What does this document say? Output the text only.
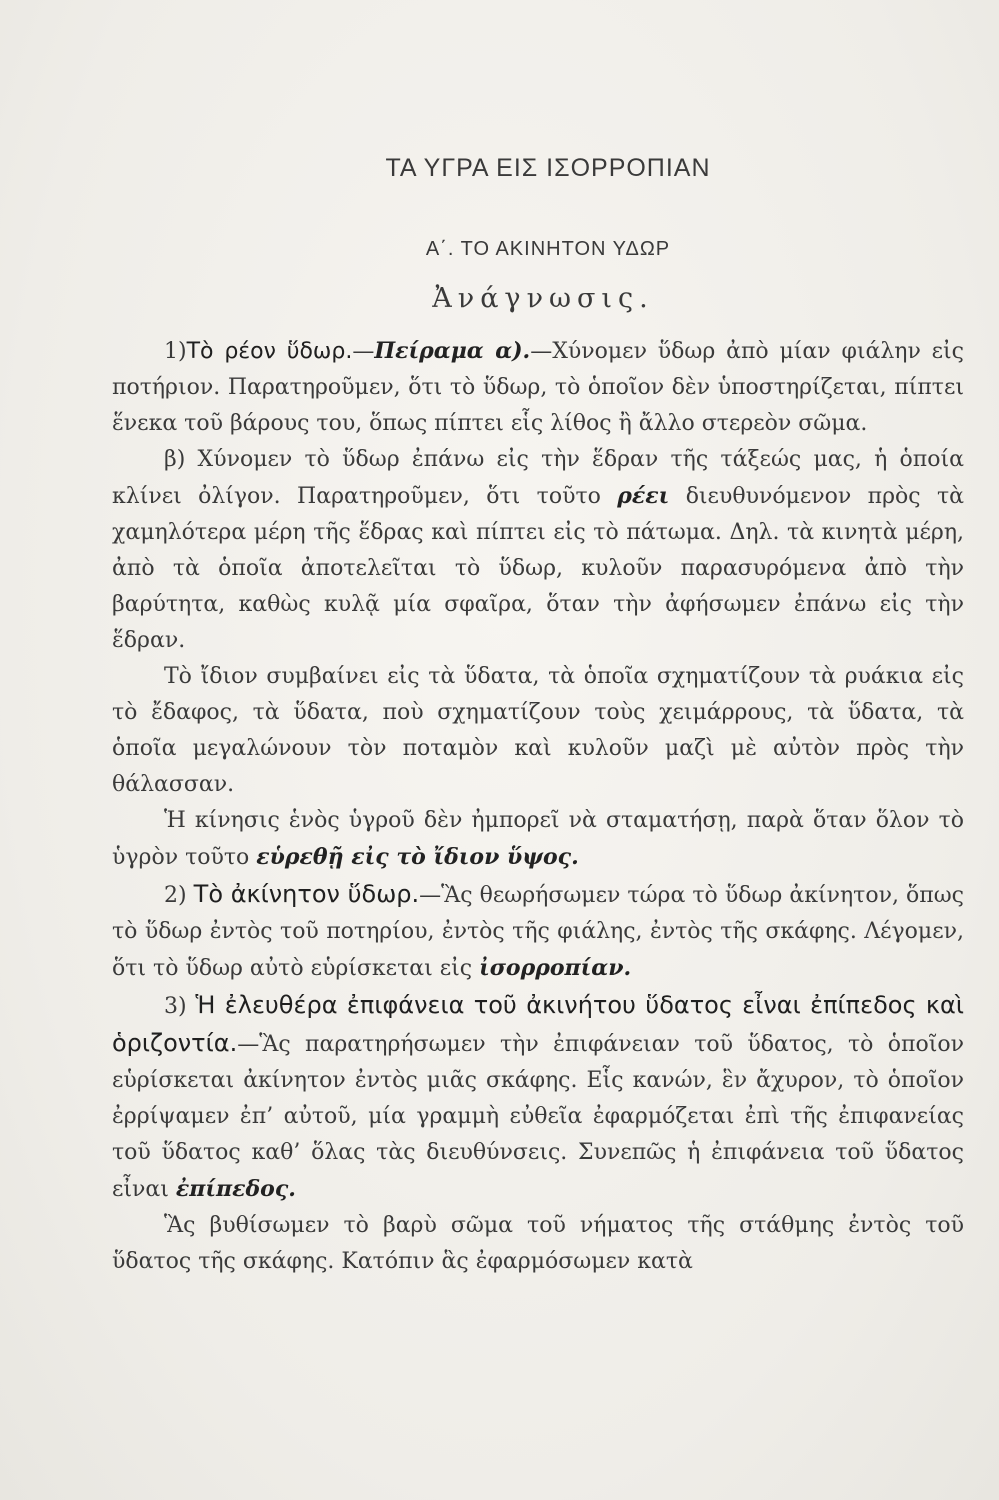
ΤΑ ΥΓΡΑ ΕΙΣ ΙΣΟΡΡΟΠΙΑΝ
Α΄. ΤΟ ΑΚΙΝΗΤΟΝ ΥΔΩΡ
Ἀνάγνωσις.

1)Τὸ ρέον ὕδωρ.—Πείραμα α).—Χύνομεν ὕδωρ ἀπὸ μίαν φιάλην εἰς ποτήριον. Παρατηροῦμεν, ὅτι τὸ ὕδωρ, τὸ ὁποῖον δὲν ὑποστηρίζεται, πίπτει ἕνεκα τοῦ βάρους του, ὅπως πίπτει εἷς λίθος ἢ ἄλλο στερεὸν σῶμα.

β) Χύνομεν τὸ ὕδωρ ἐπάνω εἰς τὴν ἕδραν τῆς τάξεώς μας, ἡ ὁποία κλίνει ὀλίγον. Παρατηροῦμεν, ὅτι τοῦτο ρέει διευθυνόμενον πρὸς τὰ χαμηλότερα μέρη τῆς ἕδρας καὶ πίπτει εἰς τὸ πάτωμα. Δηλ. τὰ κινητὰ μέρη, ἀπὸ τὰ ὁποῖα ἀποτελεῖται τὸ ὕδωρ, κυλοῦν παρασυρόμενα ἀπὸ τὴν βαρύτητα, καθὼς κυλᾷ μία σφαῖρα, ὅταν τὴν ἀφήσωμεν ἐπάνω εἰς τὴν ἕδραν.

Τὸ ἴδιον συμβαίνει εἰς τὰ ὕδατα, τὰ ὁποῖα σχηματίζουν τὰ ρυάκια εἰς τὸ ἔδαφος, τὰ ὕδατα, ποὺ σχηματίζουν τοὺς χειμάρρους, τὰ ὕδατα, τὰ ὁποῖα μεγαλώνουν τὸν ποταμὸν καὶ κυλοῦν μαζὶ μὲ αὐτὸν πρὸς τὴν θάλασσαν.

Ἡ κίνησις ἑνὸς ὑγροῦ δὲν ἠμπορεῖ νὰ σταματήσῃ, παρὰ ὅταν ὅλον τὸ ὑγρὸν τοῦτο εὑρεθῇ εἰς τὸ ἴδιον ὕψος.

2) Τὸ ἀκίνητον ὕδωρ.—Ἃς θεωρήσωμεν τώρα τὸ ὕδωρ ἀκίνητον, ὅπως τὸ ὕδωρ ἐντὸς τοῦ ποτηρίου, ἐντὸς τῆς φιάλης, ἐντὸς τῆς σκάφης. Λέγομεν, ὅτι τὸ ὕδωρ αὐτὸ εὑρίσκεται εἰς ἰσορροπίαν.

3) Ἡ ἐλευθέρα ἐπιφάνεια τοῦ ἀκινήτου ὕδατος εἶναι ἐπίπεδος καὶ ὁριζοντία.—Ἃς παρατηρήσωμεν τὴν ἐπιφάνειαν τοῦ ὕδατος, τὸ ὁποῖον εὑρίσκεται ἀκίνητον ἐντὸς μιᾶς σκάφης. Εἷς κανών, ἓν ἄχυρον, τὸ ὁποῖον ἐρρίψαμεν ἐπ’ αὐτοῦ, μία γραμμὴ εὐθεῖα ἐφαρμόζεται ἐπὶ τῆς ἐπιφανείας τοῦ ὕδατος καθ’ ὅλας τὰς διευθύνσεις. Συνεπῶς ἡ ἐπιφάνεια τοῦ ὕδατος εἶναι ἐπίπεδος.

Ἃς βυθίσωμεν τὸ βαρὺ σῶμα τοῦ νήματος τῆς στάθμης ἐντὸς τοῦ ὕδατος τῆς σκάφης. Κατόπιν ἃς ἐφαρμόσωμεν κατὰ
